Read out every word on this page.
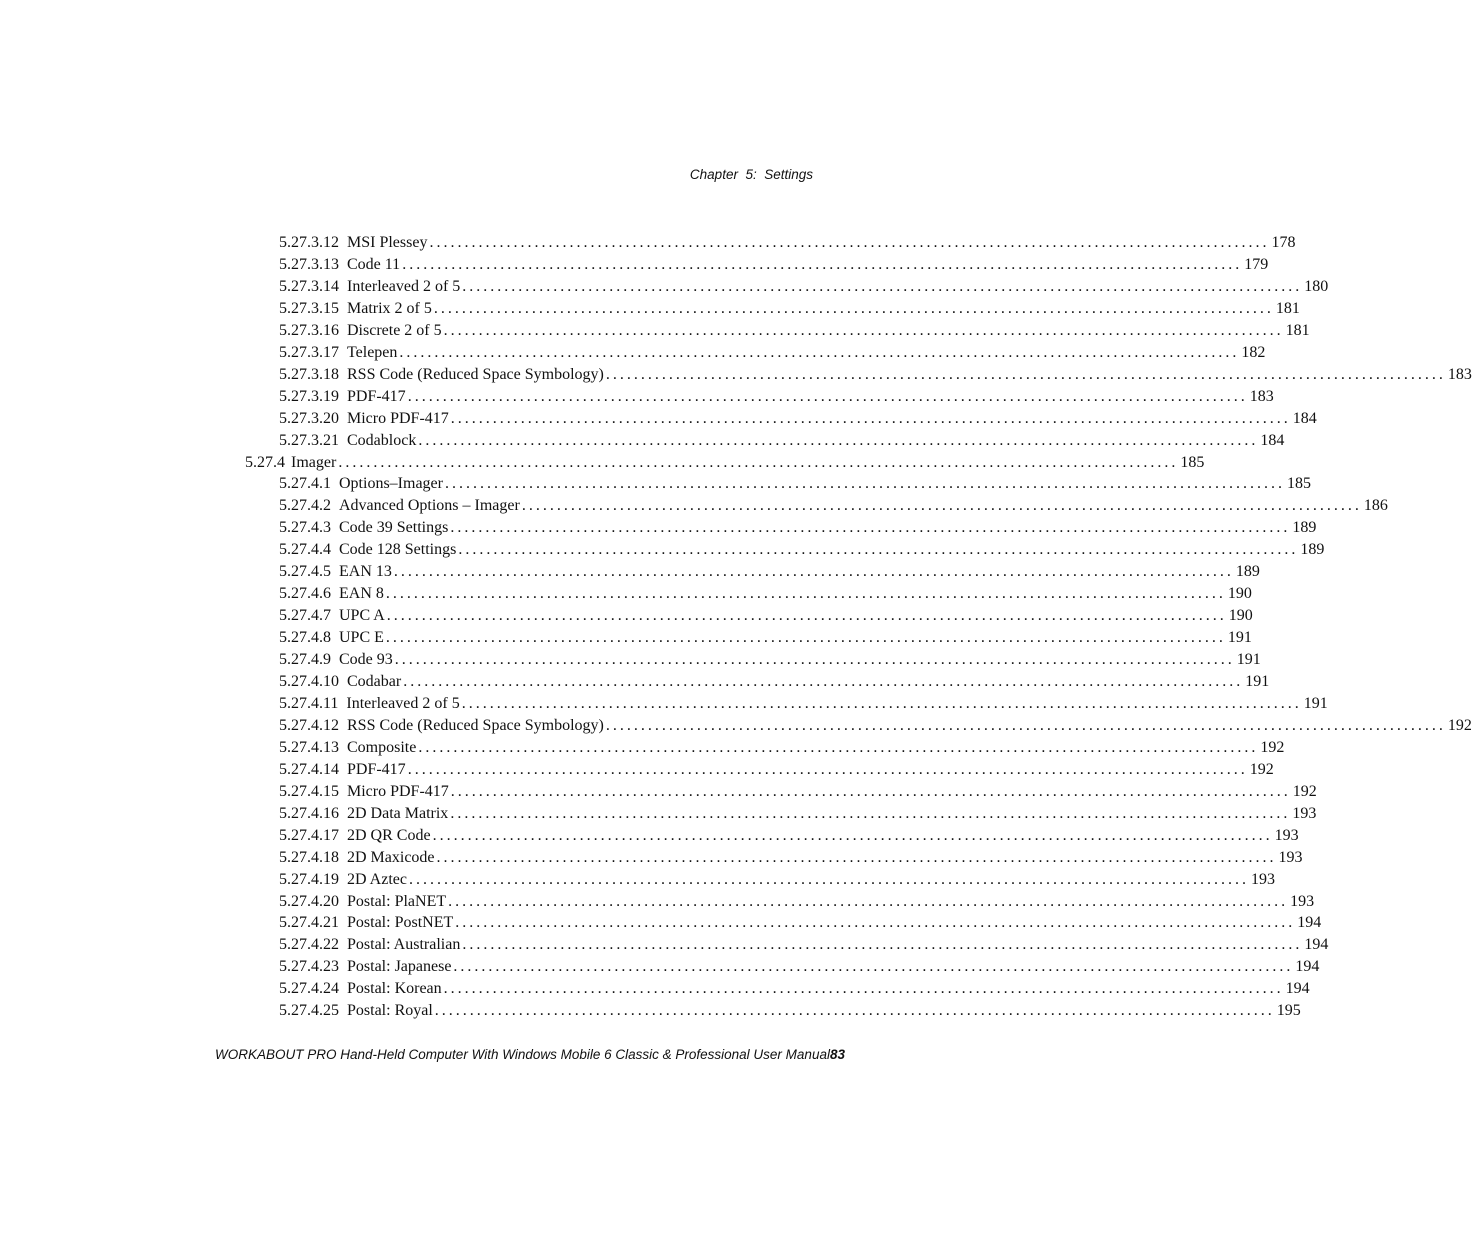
Chapter  5:  Settings
5.27.3.12 MSI Plessey ........................................................................................................................ 178
5.27.3.13 Code 11 ........................................................................................................................ 179
5.27.3.14 Interleaved 2 of 5 ........................................................................................................................ 180
5.27.3.15 Matrix 2 of 5 ........................................................................................................................ 181
5.27.3.16 Discrete 2 of 5 ........................................................................................................................ 181
5.27.3.17 Telepen ........................................................................................................................ 182
5.27.3.18 RSS Code (Reduced Space Symbology) ........................................................................................................................ 183
5.27.3.19 PDF-417 ........................................................................................................................ 183
5.27.3.20 Micro PDF-417 ........................................................................................................................ 184
5.27.3.21 Codablock ........................................................................................................................ 184
5.27.4 Imager ........................................................................................................................ 185
5.27.4.1 Options–Imager ........................................................................................................................ 185
5.27.4.2 Advanced Options – Imager ........................................................................................................................ 186
5.27.4.3 Code 39 Settings ........................................................................................................................ 189
5.27.4.4 Code 128 Settings ........................................................................................................................ 189
5.27.4.5 EAN 13 ........................................................................................................................ 189
5.27.4.6 EAN 8 ........................................................................................................................ 190
5.27.4.7 UPC A ........................................................................................................................ 190
5.27.4.8 UPC E ........................................................................................................................ 191
5.27.4.9 Code 93 ........................................................................................................................ 191
5.27.4.10 Codabar ........................................................................................................................ 191
5.27.4.11 Interleaved 2 of 5 ........................................................................................................................ 191
5.27.4.12 RSS Code (Reduced Space Symbology) ........................................................................................................................ 192
5.27.4.13 Composite ........................................................................................................................ 192
5.27.4.14 PDF-417 ........................................................................................................................ 192
5.27.4.15 Micro PDF-417 ........................................................................................................................ 192
5.27.4.16 2D Data Matrix ........................................................................................................................ 193
5.27.4.17 2D QR Code ........................................................................................................................ 193
5.27.4.18 2D Maxicode ........................................................................................................................ 193
5.27.4.19 2D Aztec ........................................................................................................................ 193
5.27.4.20 Postal: PlaNET ........................................................................................................................ 193
5.27.4.21 Postal: PostNET ........................................................................................................................ 194
5.27.4.22 Postal: Australian ........................................................................................................................ 194
5.27.4.23 Postal: Japanese ........................................................................................................................ 194
5.27.4.24 Postal: Korean ........................................................................................................................ 194
5.27.4.25 Postal: Royal ........................................................................................................................ 195
WORKABOUT PRO Hand-Held Computer With Windows Mobile 6 Classic & Professional User Manual 83
